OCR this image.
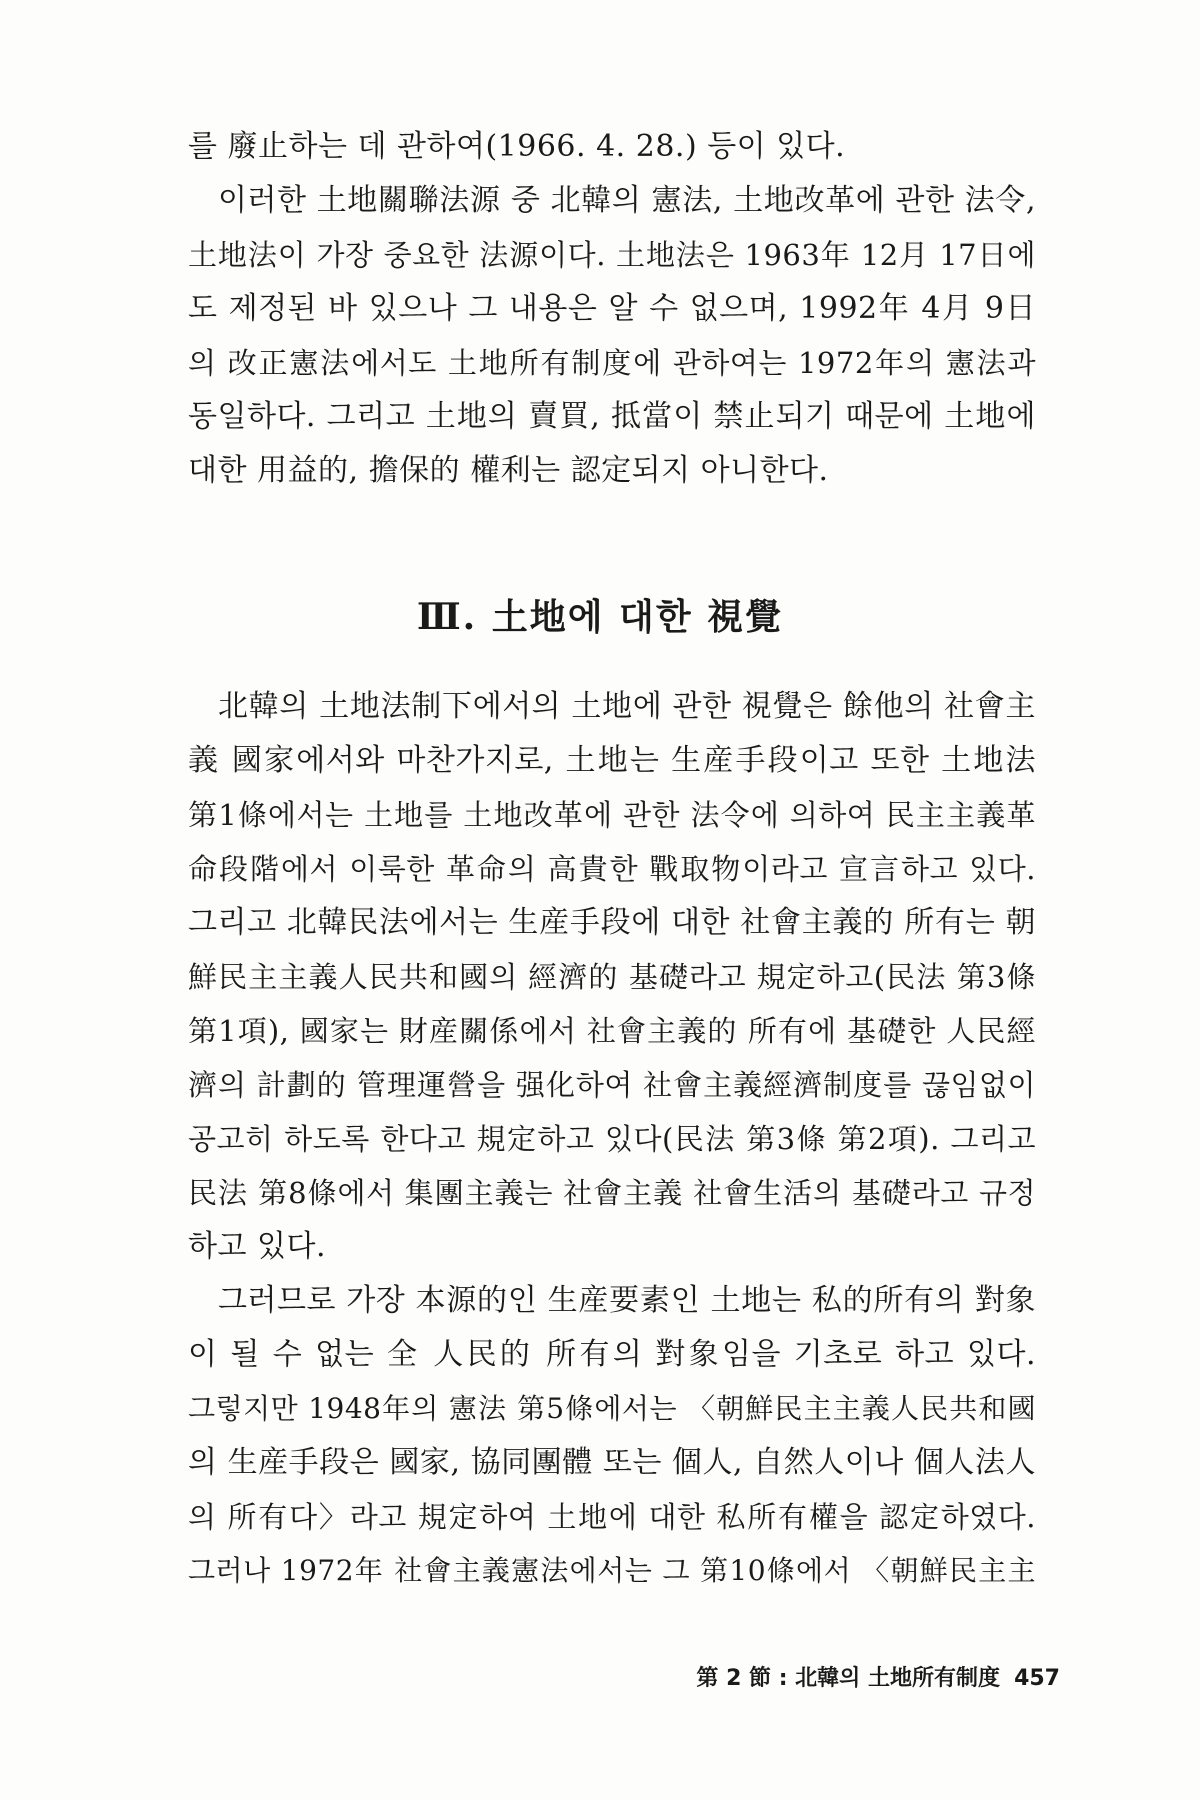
를 廢止하는 데 관하여(1966. 4. 28.) 등이 있다.
이러한 土地關聯法源 중 北韓의 憲法, 土地改革에 관한 法令,
土地法이 가장 중요한 法源이다. 土地法은 1963年 12月 17日에
도 제정된 바 있으나 그 내용은 알 수 없으며, 1992年 4月 9日
의 改正憲法에서도 土地所有制度에 관하여는 1972年의 憲法과
동일하다. 그리고 土地의 賣買, 抵當이 禁止되기 때문에 土地에
대한 用益的, 擔保的 權利는 認定되지 아니한다.
Ⅲ. 土地에 대한 視覺
北韓의 土地法制下에서의 土地에 관한 視覺은 餘他의 社會主
義 國家에서와 마찬가지로, 土地는 生産手段이고 또한 土地法
第1條에서는 土地를 土地改革에 관한 法令에 의하여 民主主義革
命段階에서 이룩한 革命의 高貴한 戰取物이라고 宣言하고 있다.
그리고 北韓民法에서는 生産手段에 대한 社會主義的 所有는 朝
鮮民主主義人民共和國의 經濟的 基礎라고 規定하고(民法 第3條
第1項), 國家는 財産關係에서 社會主義的 所有에 基礎한 人民經
濟의 計劃的 管理運營을 强化하여 社會主義經濟制度를 끊임없이
공고히 하도록 한다고 規定하고 있다(民法 第3條 第2項). 그리고
民法 第8條에서 集團主義는 社會主義 社會生活의 基礎라고 규정
하고 있다.
그러므로 가장 本源的인 生産要素인 土地는 私的所有의 對象
이 될 수 없는 全 人民的 所有의 對象임을 기초로 하고 있다.
그렇지만 1948年의 憲法 第5條에서는 〈朝鮮民主主義人民共和國
의 生産手段은 國家, 協同團體 또는 個人, 自然人이나 個人法人
의 所有다〉라고 規定하여 土地에 대한 私所有權을 認定하였다.
그러나 1972年 社會主義憲法에서는 그 第10條에서 〈朝鮮民主主
第 2 節 : 北韓의 土地所有制度 457
